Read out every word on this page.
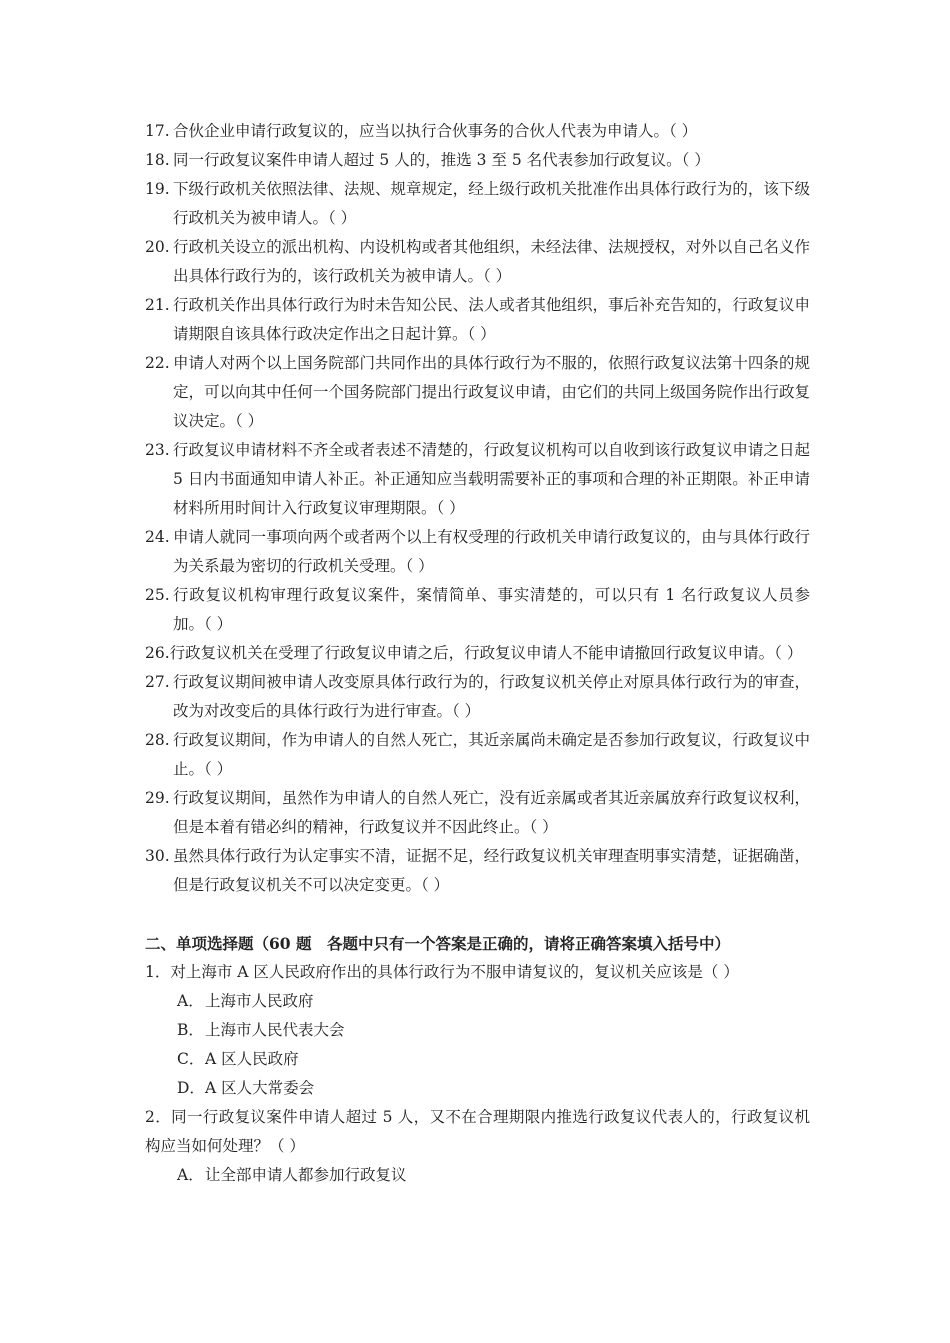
17. 合伙企业申请行政复议的，应当以执行合伙事务的合伙人代表为申请人。（ ）
18. 同一行政复议案件申请人超过 5 人的，推选 3 至 5 名代表参加行政复议。（ ）
19. 下级行政机关依照法律、法规、规章规定，经上级行政机关批准作出具体行政行为的，该下级行政机关为被申请人。（ ）
20. 行政机关设立的派出机构、内设机构或者其他组织，未经法律、法规授权，对外以自己名义作出具体行政行为的，该行政机关为被申请人。（ ）
21. 行政机关作出具体行政行为时未告知公民、法人或者其他组织，事后补充告知的，行政复议申请期限自该具体行政决定作出之日起计算。（ ）
22. 申请人对两个以上国务院部门共同作出的具体行政行为不服的，依照行政复议法第十四条的规定，可以向其中任何一个国务院部门提出行政复议申请，由它们的共同上级国务院作出行政复议决定。（ ）
23. 行政复议申请材料不齐全或者表述不清楚的，行政复议机构可以自收到该行政复议申请之日起 5 日内书面通知申请人补正。补正通知应当载明需要补正的事项和合理的补正期限。补正申请材料所用时间计入行政复议审理期限。（ ）
24. 申请人就同一事项向两个或者两个以上有权受理的行政机关申请行政复议的，由与具体行政行为关系最为密切的行政机关受理。（ ）
25. 行政复议机构审理行政复议案件，案情简单、事实清楚的，可以只有 1 名行政复议人员参加。（ ）
26.行政复议机关在受理了行政复议申请之后，行政复议申请人不能申请撤回行政复议申请。（ ）
27. 行政复议期间被申请人改变原具体行政行为的，行政复议机关停止对原具体行政行为的审查，改为对改变后的具体行政行为进行审查。（ ）
28. 行政复议期间，作为申请人的自然人死亡，其近亲属尚未确定是否参加行政复议，行政复议中止。（ ）
29. 行政复议期间，虽然作为申请人的自然人死亡，没有近亲属或者其近亲属放弃行政复议权利，但是本着有错必纠的精神，行政复议并不因此终止。（ ）
30. 虽然具体行政行为认定事实不清，证据不足，经行政复议机关审理查明事实清楚，证据确凿，但是行政复议机关不可以决定变更。（ ）
二、单项选择题（60 题　各题中只有一个答案是正确的，请将正确答案填入括号中）

1．对上海市 A 区人民政府作出的具体行政行为不服申请复议的，复议机关应该是（ ）

A．上海市人民政府

B．上海市人民代表大会

C．A 区人民政府

D．A 区人大常委会

2．同一行政复议案件申请人超过 5 人，又不在合理期限内推选行政复议代表人的，行政复议机构应当如何处理？（ ）

A．让全部申请人都参加行政复议
